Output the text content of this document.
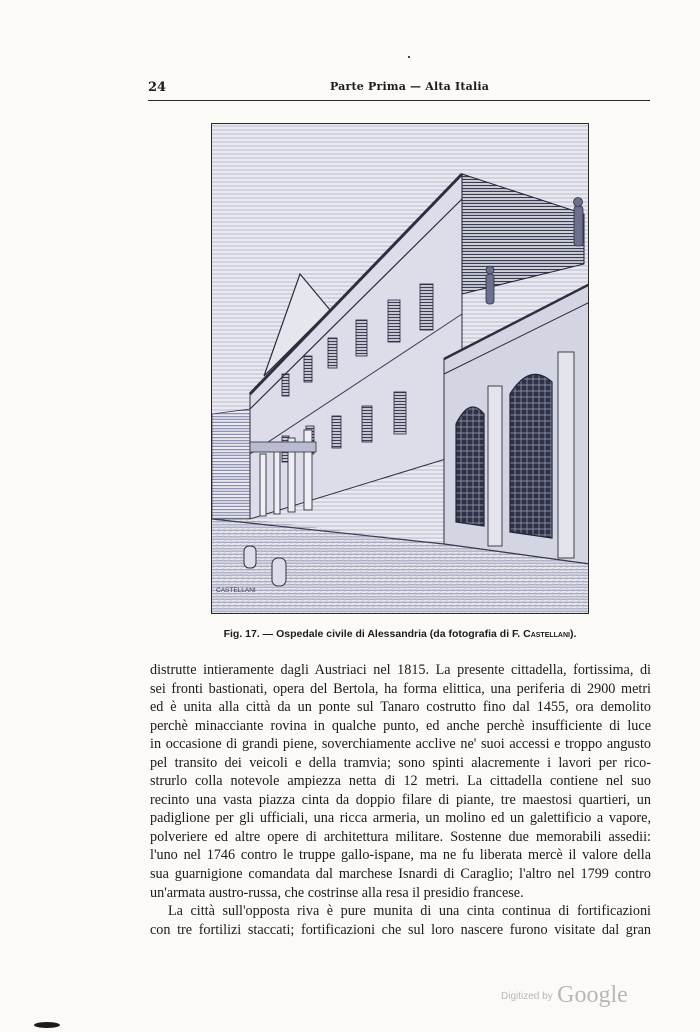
24	Parte Prima — Alta Italia
CASTELLANI
Fig. 17. — Ospedale civile di Alessandria (da fotografia di F. Castellani).
distrutte intieramente dagli Austriaci nel 1815. La presente cittadella, fortissima, di
sei fronti bastionati, opera del Bertola, ha forma elittica, una periferia di 2900 metri
ed è unita alla città da un ponte sul Tanaro costrutto fino dal 1455, ora demolito
perchè minacciante rovina in qualche punto, ed anche perchè insufficiente di luce
in occasione di grandi piene, soverchiamente acclive ne' suoi accessi e troppo angusto
pel transito dei veicoli e della tramvia; sono spinti alacremente i lavori per rico-
strurlo colla notevole ampiezza netta di 12 metri. La cittadella contiene nel suo
recinto una vasta piazza cinta da doppio filare di piante, tre maestosi quartieri, un
padiglione per gli ufficiali, una ricca armeria, un molino ed un galettificio a vapore,
polveriere ed altre opere di architettura militare. Sostenne due memorabili assedii:
l'uno nel 1746 contro le truppe gallo-ispane, ma ne fu liberata mercè il valore della
sua guarnigione comandata dal marchese Isnardi di Caraglio; l'altro nel 1799 contro
un'armata austro-russa, che costrinse alla resa il presidio francese.
La città sull'opposta riva è pure munita di una cinta continua di fortificazioni
con tre fortilizi staccati; fortificazioni che sul loro nascere furono visitate dal gran
Digitized by Google
